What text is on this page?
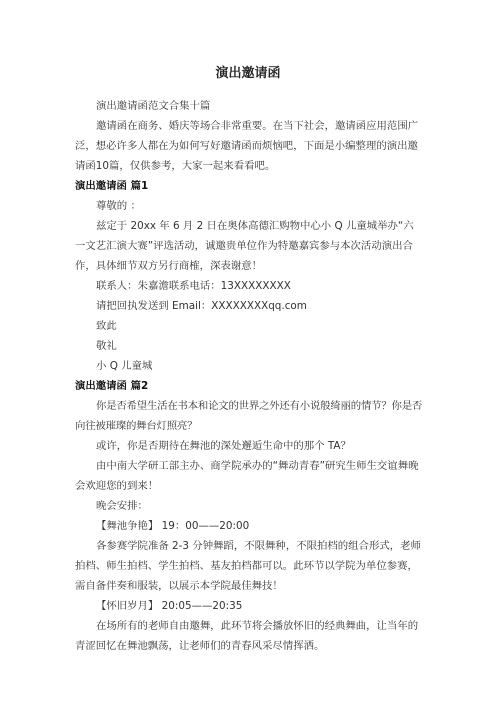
演出邀请函

演出邀请函范文合集十篇

邀请函在商务、婚庆等场合非常重要。在当下社会，邀请函应用范围广泛，想必许多人都在为如何写好邀请函而烦恼吧，下面是小编整理的演出邀请函10篇，仅供参考，大家一起来看看吧。

演出邀请函 篇1

尊敬的 ：

兹定于 20xx 年 6 月 2 日在奥体高德汇购物中心小 Q 儿童城举办“六一文艺汇演大赛”评选活动，诚邀贵单位作为特邀嘉宾参与本次活动演出合作，具体细节双方另行商榷，深表谢意！

联系人：朱嘉澹联系电话：13XXXXXXXX

请把回执发送到 Email：XXXXXXXXqq.com

致此

敬礼

小 Q 儿童城

演出邀请函 篇2

你是否希望生活在书本和论文的世界之外还有小说般绮丽的情节？你是否向往被璀璨的舞台灯照亮？

或许，你是否期待在舞池的深处邂逅生命中的那个 TA？

由中南大学研工部主办、商学院承办的“舞动青春”研究生师生交谊舞晚会欢迎您的到来！

晚会安排：

【舞池争艳】 19：00——20:00

各参赛学院准备 2-3 分钟舞蹈，不限舞种，不限拍档的组合形式，老师拍档、师生拍档、学生拍档、基友拍档都可以。此环节以学院为单位参赛，需自备伴奏和服装，以展示本学院最佳舞技！

【怀旧岁月】 20:05——20:35

在场所有的老师自由邀舞，此环节将会播放怀旧的经典舞曲，让当年的青涩回忆在舞池飘荡，让老师们的青春风采尽情挥洒。
